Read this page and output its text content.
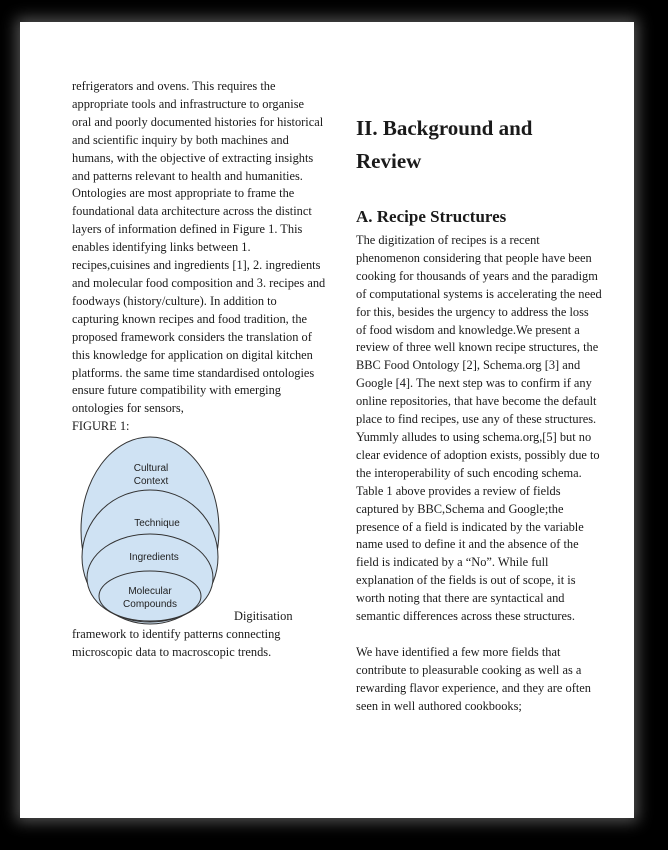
refrigerators and ovens. This requires the appropriate tools and infrastructure to organise oral and poorly documented histories for historical and scientific inquiry by both machines and humans, with the objective of extracting insights and patterns relevant to health and humanities. Ontologies are most appropriate to frame the foundational data architecture across the distinct layers of information defined in Figure 1. This enables identifying links between 1. recipes,cuisines and ingredients [1], 2. ingredients and molecular food composition and 3. recipes and foodways (history/culture). In addition to capturing known recipes and food tradition, the proposed framework considers the translation of this knowledge for application on digital kitchen platforms. the same time standardised ontologies ensure future compatibility with emerging ontologies for sensors,

FIGURE 1:

Cultural
Context
Technique
Ingredients
Molecular
Compounds
Digitisation

framework to identify patterns connecting microscopic data to macroscopic trends.

II. Background and Review
A. Recipe Structures

The digitization of recipes is a recent phenomenon considering that people have been cooking for thousands of years and the paradigm of computational systems is accelerating the need for this, besides the urgency to address the loss of food wisdom and knowledge.We present a review of three well known recipe structures, the BBC Food Ontology [2], Schema.org [3] and Google [4]. The next step was to confirm if any online repositories, that have become the default place to find recipes, use any of these structures. Yummly alludes to using schema.org,[5] but no clear evidence of adoption exists, possibly due to the interoperability of such encoding schema. Table 1 above provides a review of fields captured by BBC,Schema and Google;the presence of a field is indicated by the variable name used to define it and the absence of the field is indicated by a “No”. While full explanation of the fields is out of scope, it is worth noting that there are syntactical and semantic differences across these structures.

We have identified a few more fields that contribute to pleasurable cooking as well as a rewarding flavor experience, and they are often seen in well authored cookbooks;
